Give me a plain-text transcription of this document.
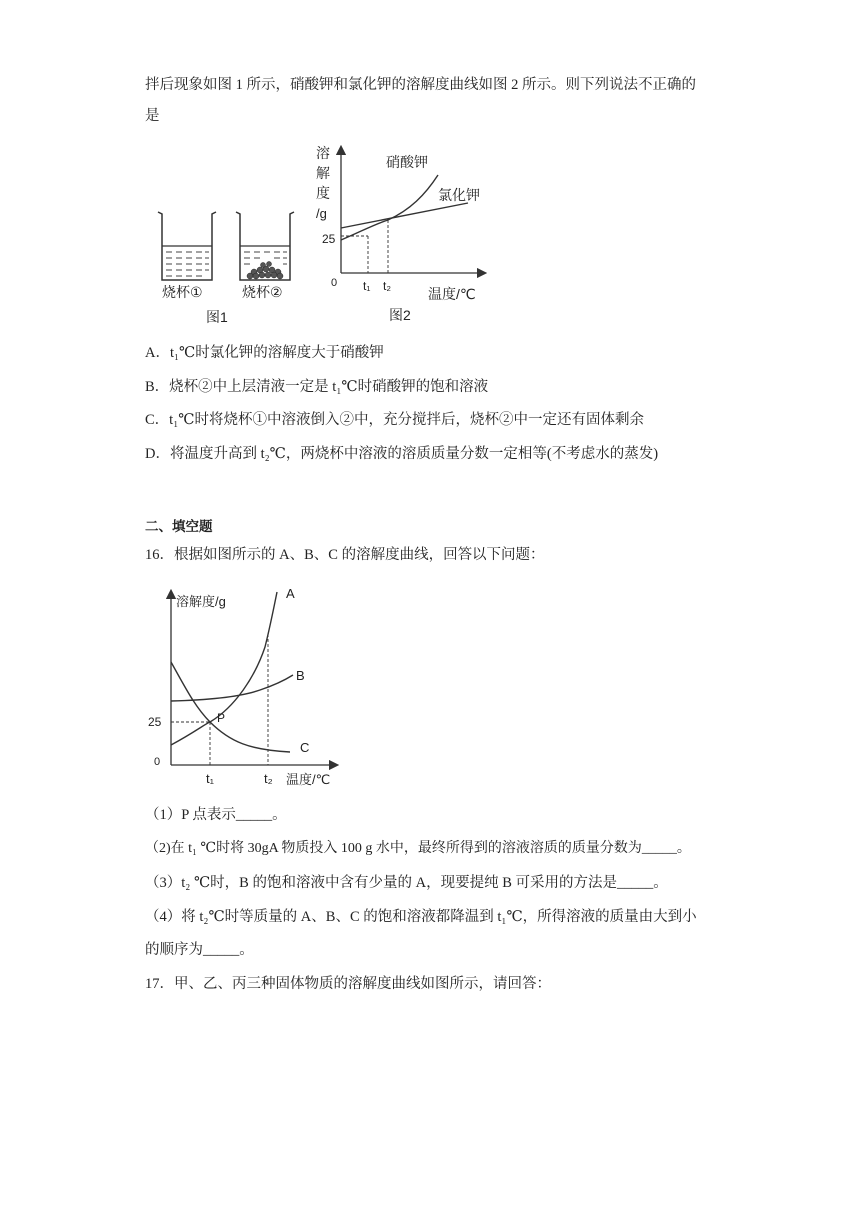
拌后现象如图 1 所示，硝酸钾和氯化钾的溶解度曲线如图 2 所示。则下列说法不正确的
是
烧杯①	烧杯②
图1
溶
解
度
/g
25
0 t₁ t₂
硝酸钾
氯化钾
温度/℃
图2
A．t₁℃时氯化钾的溶解度大于硝酸钾
B．烧杯②中上层清液一定是 t₁℃时硝酸钾的饱和溶液
C．t₁℃时将烧杯①中溶液倒入②中，充分搅拌后，烧杯②中一定还有固体剩余
D．将温度升高到 t₂℃，两烧杯中溶液的溶质质量分数一定相等(不考虑水的蒸发)
二、填空题
16．根据如图所示的 A、B、C 的溶解度曲线，回答以下问题：
溶解度/g
25
0
t₁	t₂ 温度/℃
A
B
C
P
（1）P 点表示_____。
（2)在 t₁ ℃时将 30gA 物质投入 100 g 水中，最终所得到的溶液溶质的质量分数为_____。
（3）t₂ ℃时，B 的饱和溶液中含有少量的 A，现要提纯 B 可采用的方法是_____。
（4）将 t₂℃时等质量的 A、B、C 的饱和溶液都降温到 t₁℃，所得溶液的质量由大到小
的顺序为_____。
17．甲、乙、丙三种固体物质的溶解度曲线如图所示，请回答：
